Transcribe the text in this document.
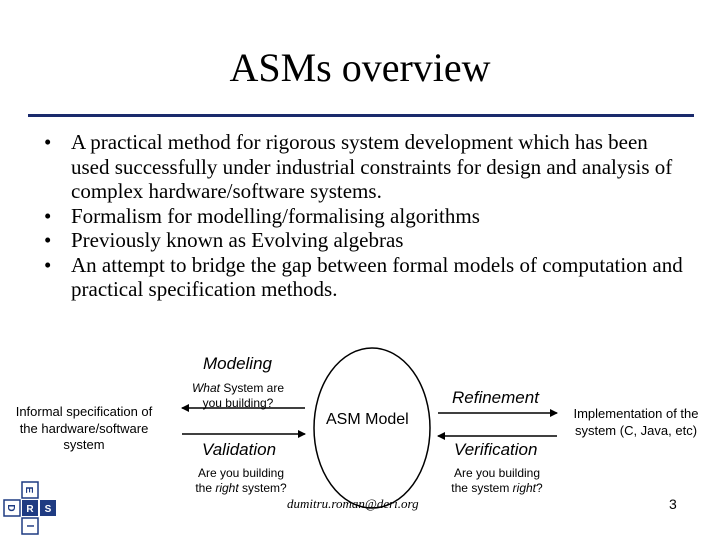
ASMs overview
• A practical method for rigorous system development which has been used successfully under industrial constraints for design and analysis of complex hardware/software systems.
• Formalism for modelling/formalising algorithms
• Previously known as Evolving algebras
• An attempt to bridge the gap between formal models of computation and practical specification methods.
E
R
I
D	S
Modeling
What System are
you building?
Informal specification of
the hardware/software
system	Validation
Are you building
the right system?
ASM Model
Refinement
Implementation of the
system (C, Java, etc)
Verification
Are you building
the system right?
dumitru.roman@deri.org	3
